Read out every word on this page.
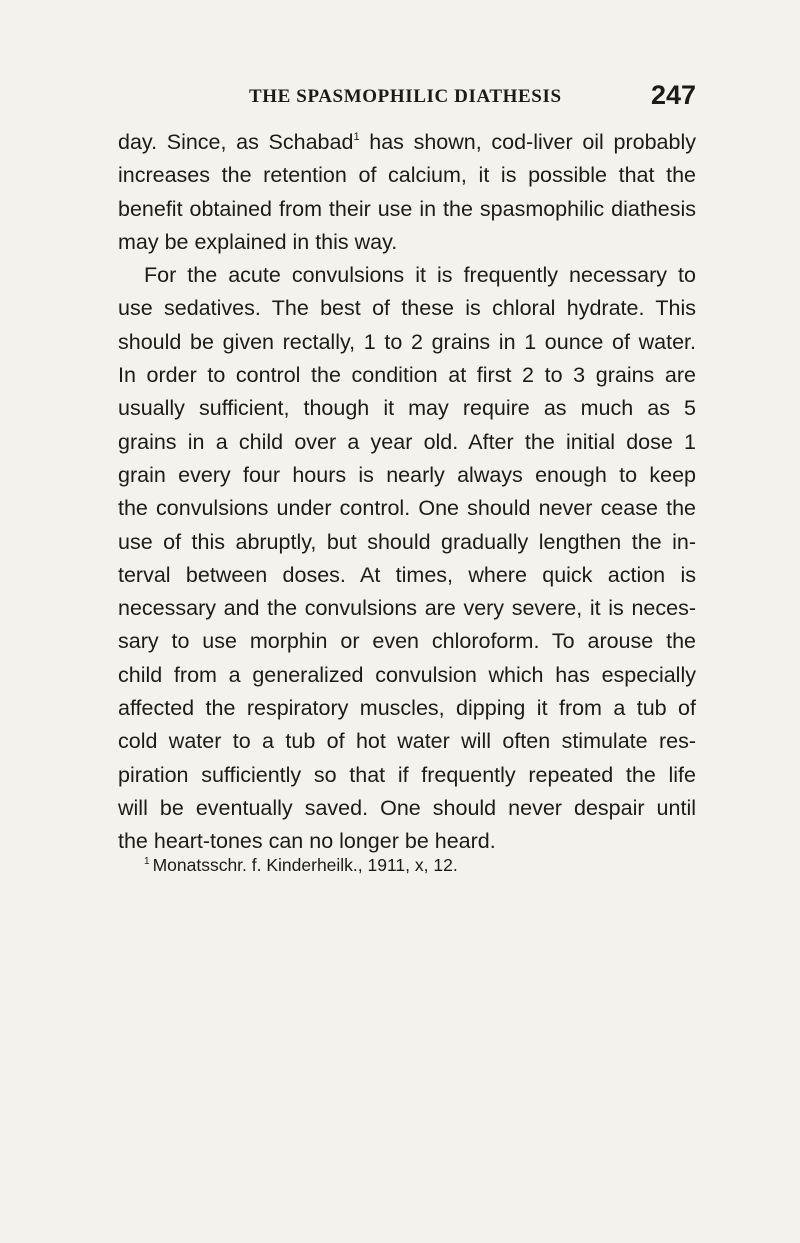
THE SPASMOPHILIC DIATHESIS	247
day. Since, as Schabad$^1$ has shown, cod-liver oil probably
increases the retention of calcium, it is possible that the
benefit obtained from their use in the spasmophilic diathesis
may be explained in this way.
For the acute convulsions it is frequently necessary to
use sedatives. The best of these is chloral hydrate. This
should be given rectally, 1 to 2 grains in 1 ounce of water.
In order to control the condition at first 2 to 3 grains are
usually sufficient, though it may require as much as 5
grains in a child over a year old. After the initial dose 1
grain every four hours is nearly always enough to keep
the convulsions under control. One should never cease the
use of this abruptly, but should gradually lengthen the in-
terval between doses. At times, where quick action is
necessary and the convulsions are very severe, it is neces-
sary to use morphin or even chloroform. To arouse the
child from a generalized convulsion which has especially
affected the respiratory muscles, dipping it from a tub of
cold water to a tub of hot water will often stimulate res-
piration sufficiently so that if frequently repeated the life
will be eventually saved. One should never despair until
the heart-tones can no longer be heard.
$^1$ Monatsschr. f. Kinderheilk., 1911, x, 12.
